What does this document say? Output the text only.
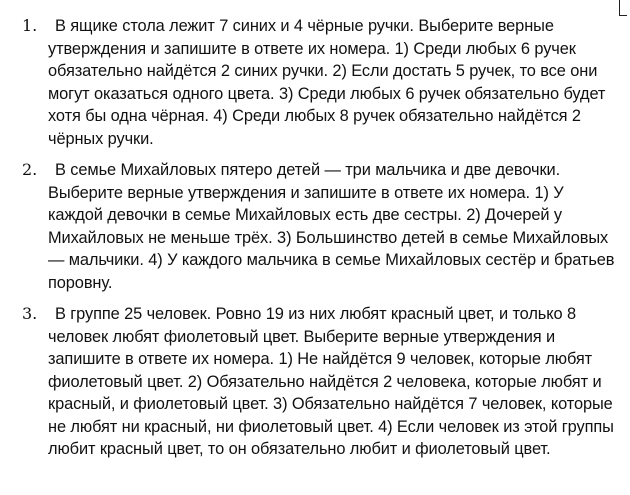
1.	В ящике стола лежит 7 синих и 4 чёрные ручки. Выберите верные утверждения и запишите в ответе их номера. 1) Среди любых 6 ручек обязательно найдётся 2 синих ручки. 2) Если достать 5 ручек, то все они могут оказаться одного цвета. 3) Среди любых 6 ручек обязательно будет хотя бы одна чёрная. 4) Среди любых 8 ручек обязательно найдётся 2 чёрных ручки.
2.	В семье Михайловых пятеро детей — три мальчика и две девочки. Выберите верные утверждения и запишите в ответе их номера. 1) У каждой девочки в семье Михайловых есть две сестры. 2) Дочерей у Михайловых не меньше трёх. 3) Большинство детей в семье Михайловых — мальчики. 4) У каждого мальчика в семье Михайловых сестёр и братьев поровну.
3.	В группе 25 человек. Ровно 19 из них любят красный цвет, и только 8 человек любят фиолетовый цвет. Выберите верные утверждения и запишите в ответе их номера. 1) Не найдётся 9 человек, которые любят фиолетовый цвет. 2) Обязательно найдётся 2 человека, которые любят и красный, и фиолетовый цвет. 3) Обязательно найдётся 7 человек, которые не любят ни красный, ни фиолетовый цвет. 4) Если человек из этой группы любит красный цвет, то он обязательно любит и фиолетовый цвет.
